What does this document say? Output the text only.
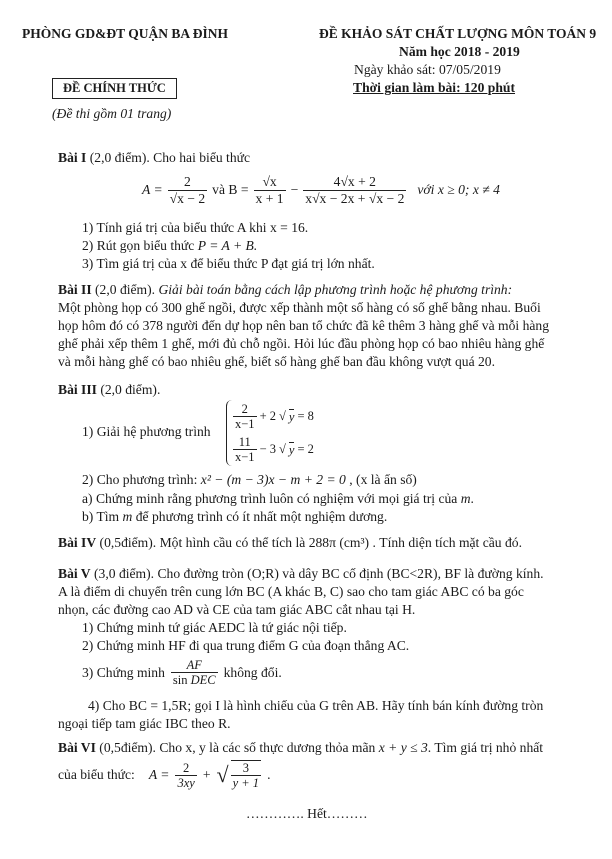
PHÒNG GD&ĐT QUẬN BA ĐÌNH	ĐỀ KHẢO SÁT CHẤT LƯỢNG MÔN TOÁN 9
Năm học 2018 - 2019
Ngày khảo sát: 07/05/2019
Thời gian làm bài: 120 phút
ĐỀ CHÍNH THỨC
(Đề thi gồm 01 trang)
Bài I (2,0 điểm). Cho hai biểu thức
$A = \frac{2}{√x - 2}$ và $B = \frac{√x}{x + 1} - \frac{4√x + 2}{x√x - 2x + √x - 2}$ với x ≥ 0; x ≠ 4
1) Tính giá trị của biểu thức A khi x = 16.
2) Rút gọn biểu thức P = A + B.
3) Tìm giá trị của x để biểu thức P đạt giá trị lớn nhất.
Bài II (2,0 điểm). Giải bài toán bằng cách lập phương trình hoặc hệ phương trình:
Một phòng họp có 300 ghế ngồi, được xếp thành một số hàng có số ghế bằng nhau. Buổi
họp hôm đó có 378 người đến dự họp nên ban tổ chức đã kê thêm 3 hàng ghế và mỗi hàng
ghế phải xếp thêm 1 ghế, mới đủ chỗ ngồi. Hỏi lúc đầu phòng họp có bao nhiêu hàng ghế
và mỗi hàng ghế có bao nhiêu ghế, biết số hàng ghế ban đầu không vượt quá 20.
Bài III (2,0 điểm).
1) Giải hệ phương trình
$\frac{2}{x-1} + 2$ √ y = 8
$\frac{11}{x-1} - 3$ √ y = 2
2) Cho phương trình: x² − (m − 3)x − m + 2 = 0 , (x là ẩn số)
a) Chứng minh rằng phương trình luôn có nghiệm với mọi giá trị của m.
b) Tìm m để phương trình có ít nhất một nghiệm dương.
Bài IV (0,5điểm). Một hình cầu có thể tích là 288π (cm³) . Tính diện tích mặt cầu đó.
Bài V (3,0 điểm). Cho đường tròn (O;R) và dây BC cố định (BC<2R), BF là đường kính.
A là điểm di chuyển trên cung lớn BC (A khác B, C) sao cho tam giác ABC có ba góc
nhọn, các đường cao AD và CE của tam giác ABC cắt nhau tại H.
1) Chứng minh tứ giác AEDC là tứ giác nội tiếp.
2) Chứng minh HF đi qua trung điểm G của đoạn thẳng AC.
3) Chứng minh $\frac{AF}{\text{sin DEC}}$ không đổi.
4) Cho BC = 1,5R; gọi I là hình chiếu của G trên AB. Hãy tính bán kính đường tròn
ngoại tiếp tam giác IBC theo R.
Bài VI (0,5điểm). Cho x, y là các số thực dương thỏa mãn x + y ≤ 3. Tìm giá trị nhỏ nhất
của biểu thức: $A = \frac{2}{3xy}$ + √ $\frac{3}{y + 1}$ .
…………. Hết………
